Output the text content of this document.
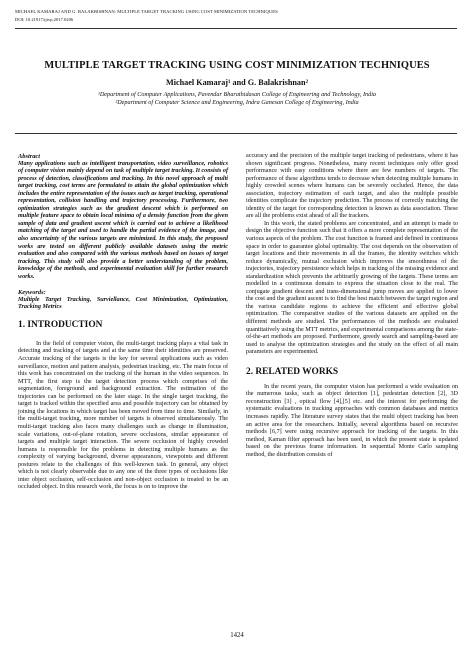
MICHAEL KAMARAJ AND G. BALAKRISHNAN: MULTIPLE TARGET TRACKING USING COST MINIMIZATION TECHNIQUES
DOI: 10.21917/ijivp.2017.0206
MULTIPLE TARGET TRACKING USING COST MINIMIZATION TECHNIQUES
Michael Kamaraj¹ and G. Balakrishnan²
¹Department of Computer Applications, Pavendar Bharathidasan College of Engineering and Technology, India
²Department of Computer Science and Engineering, Indra Ganesan College of Engineering, India

Abstract

Many applications such as intelligent transportation, video surveillance, robotics of computer vision mainly depend on task of multiple target tracking. It consists of process of detection, classifications and tracking. In this novel approach of multi target tracking, cost terms are formulated to attain the global optimization which includes the entire representation of the issues such as target tracking, operational representation, collision handling and trajectory processing. Furthermore, two optimization strategies such as the gradient descent which is performed on multiple feature space to obtain local minima of a density function from the given sample of data and gradient ascent which is carried out to achieve a likelihood matching of the target and used to handle the partial evidence of the image, and also uncertainty of the various targets are minimized. In this study, the proposed works are tested on different publicly available datasets using the metric evaluation and also compared with the various methods based on issues of target tracking. This study will also provide a better understanding of the problem, knowledge of the methods, and experimental evaluation skill for further research works.

Keywords:

Multiple Target Tracking, Surviellance, Cost Minimization, Optimization, Tracking Metrics

1. INTRODUCTION

In the field of computer vision, the multi-target tracking plays a vital task in detecting and tracking of targets and at the same time their identities are preserved. Accurate tracking of the targets is the key for several applications such as video surveillance, motion and pattern analysis, pedestrian tracking, etc. The main focus of this work has concentrated on the tracking of the human in the video sequences. In MTT, the first step is the target detection process which comprises of the segmentation, foreground and background extraction. The estimation of the trajectories can be performed on the later stage. In the single target tracking, the target is tracked within the specified area and possible trajectory can be obtained by joining the locations in which target has been moved from time to time. Similarly, in the multi-target tracking, more number of targets is observed simultaneously. The multi-target tracking also faces many challenges such as change in illumination, scale variations, out-of-plane rotation, severe occlusions, similar appearance of targets and multiple target interaction. The severe occlusion of highly crowded humans is responsible for the problems in detecting multiple humans as the complexity of varying background, diverse appearances, viewpoints and different postures relate to the challenges of this well-known task. In general, any object which is not clearly observable due to any one of the three types of occlusions like inter object occlusion, self-occlusion and non-object occlusion is treated to be an occluded object. In this research work, the focus is on to improve the

accuracy and the precision of the multiple target tracking of pedestrians, where it has shown significant progress. Nonetheless, many recent techniques only offer good performance with easy conditions where there are few numbers of targets. The performance of these algorithms tends to decrease when detecting multiple humans in highly crowded scenes where humans can be severely occluded. Hence, the data association, trajectory estimation of each target, and also the multiple possible identities complicate the trajectory prediction. The process of correctly matching the identity of the target for corresponding detection is known as data association. These are all the problems exist ahead of all the trackers.

In this work, the stated problems are concentrated, and an attempt is made to design the objective function such that it offers a more complete representation of the various aspects of the problem. The cost function is framed and defined in continuous space in order to guarantee global optimality. The cost depends on the observation of target locations and their movements in all the frames, the identity switches which reduce dynamically, mutual exclusion which improves the smoothness of the trajectories, trajectory persistence which helps in tracking of the missing evidence and standardization which prevents the arbitrarily growing of the targets. These terms are modelled in a continuous domain to express the situation close to the real. The conjugate gradient descent and trans-dimensional jump moves are applied to lower the cost and the gradient ascent is to find the best match between the target region and the various candidate regions to achieve the efficient and effective global optimization. The comparative studies of the various datasets are applied on the different methods are studied. The performances of the methods are evaluated quantitatively using the MTT metrics, and experimental comparisons among the state-of-the-art methods are proposed. Furthermore, greedy search and sampling-based are used to analyse the optimization strategies and the study on the effect of all main parameters are experimented.

2. RELATED WORKS

In the recent years, the computer vision has performed a wide evaluation on the numerous tasks, such as object detection [1], pedestrian detection [2], 3D reconstruction [3] , optical flow [4],[5] etc. and the interest for performing the systematic evaluations in tracking approaches with common databases and metrics increases rapidly. The literature survey states that the multi object tracking has been an active area for the researchers. Initially, several algorithms based on recursive methods [6,7] were using recursive approach for tracking of the targets. In this method, Kaman filter approach has been used, in which the present state is updated based on the previous frame information. In sequential Monte Carlo sampling method, the distribution consists of

1424
